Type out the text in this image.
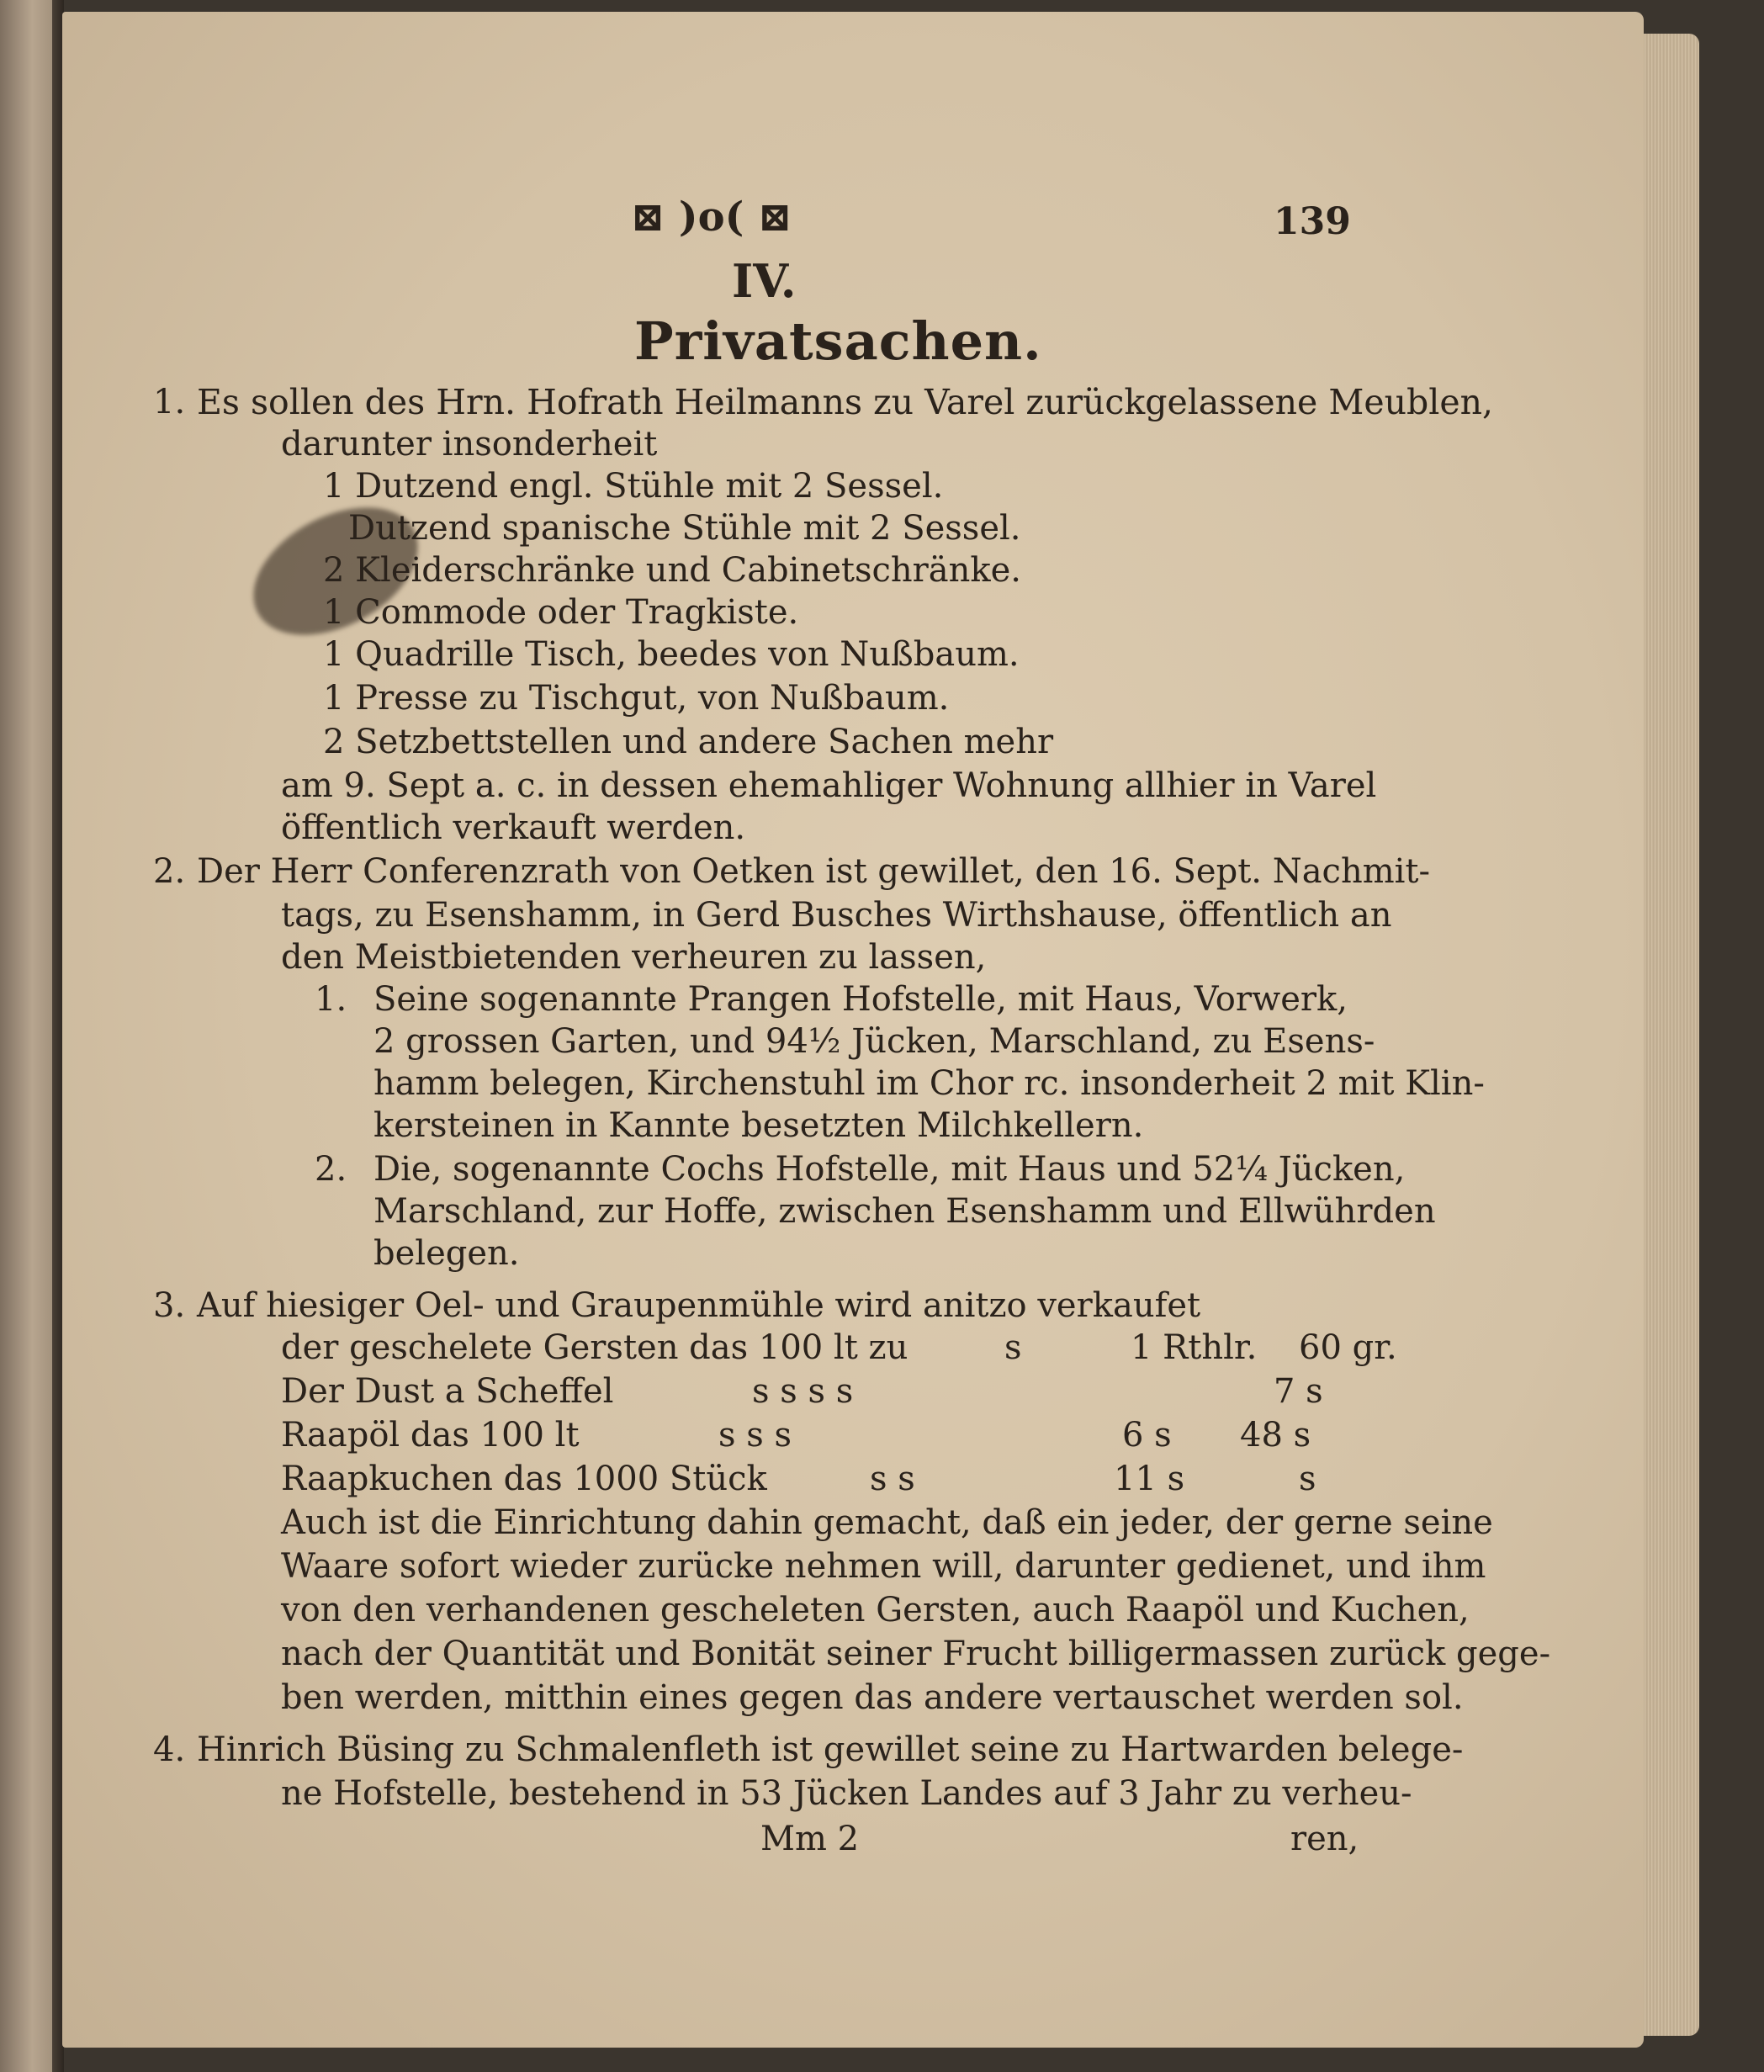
⊠ )o( ⊠	139
IV.
Privatsachen.
1. Es sollen des Hrn. Hofrath Heilmanns zu Varel zurückgelassene Meublen,
darunter insonderheit
1 Dutzend engl. Stühle mit 2 Sessel.
Dutzend spanische Stühle mit 2 Sessel.
2 Kleiderschränke und Cabinetschränke.
1 Commode oder Tragkiste.
1 Quadrille Tisch, beedes von Nußbaum.
1 Presse zu Tischgut, von Nußbaum.
2 Setzbettstellen und andere Sachen mehr
am 9. Sept a. c. in dessen ehemahliger Wohnung allhier in Varel
öffentlich verkauft werden.
2. Der Herr Conferenzrath von Oetken ist gewillet, den 16. Sept. Nachmit-
tags, zu Esenshamm, in Gerd Busches Wirthshause, öffentlich an
den Meistbietenden verheuren zu lassen,
1. Seine sogenannte Prangen Hofstelle, mit Haus, Vorwerk,
2 grossen Garten, und 94½ Jücken, Marschland, zu Esens-
hamm belegen, Kirchenstuhl im Chor rc. insonderheit 2 mit Klin-
kersteinen in Kannte besetzten Milchkellern.
2. Die, sogenannte Cochs Hofstelle, mit Haus und 52¼ Jücken,
Marschland, zur Hoffe, zwischen Esenshamm und Ellwührden
belegen.
3. Auf hiesiger Oel- und Graupenmühle wird anitzo verkaufet
der geschelete Gersten das 100 lt zu	s	1 Rthlr. 60 gr.
Der Dust a Scheffel	s s s s	7 s
Raapöl das 100 lt	s s s	6 s 48 s
Raapkuchen das 1000 Stück	s s	11 s	s
Auch ist die Einrichtung dahin gemacht, daß ein jeder, der gerne seine
Waare sofort wieder zurücke nehmen will, darunter gedienet, und ihm
von den verhandenen gescheleten Gersten, auch Raapöl und Kuchen,
nach der Quantität und Bonität seiner Frucht billigermassen zurück gege-
ben werden, mitthin eines gegen das andere vertauschet werden sol.
4. Hinrich Büsing zu Schmalenfleth ist gewillet seine zu Hartwarden belege-
ne Hofstelle, bestehend in 53 Jücken Landes auf 3 Jahr zu verheu-
Mm 2	ren,
